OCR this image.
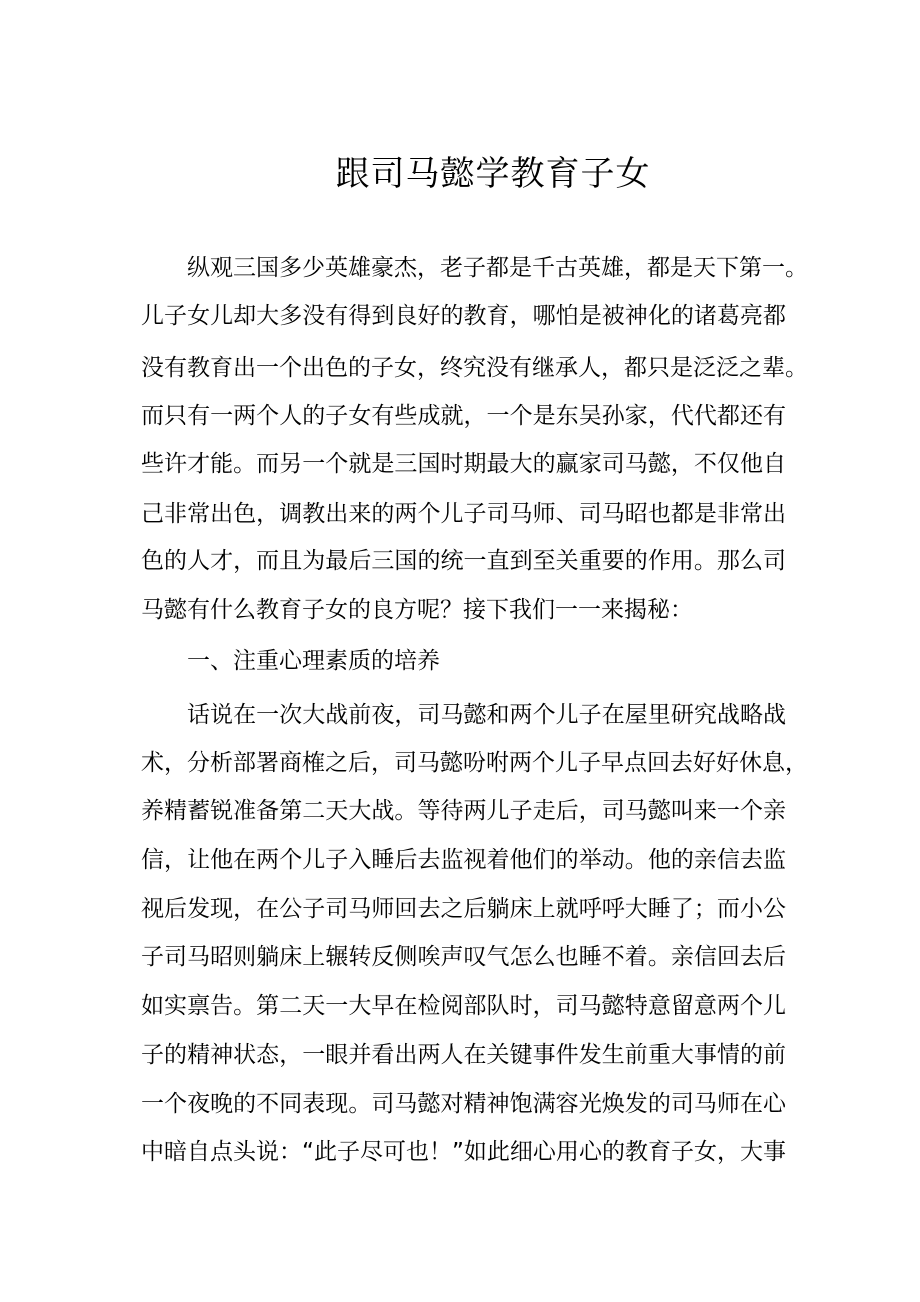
跟司马懿学教育子女
纵观三国多少英雄豪杰，老子都是千古英雄，都是天下第一。
儿子女儿却大多没有得到良好的教育，哪怕是被神化的诸葛亮都
没有教育出一个出色的子女，终究没有继承人，都只是泛泛之辈。
而只有一两个人的子女有些成就，一个是东吴孙家，代代都还有
些许才能。而另一个就是三国时期最大的赢家司马懿，不仅他自
己非常出色，调教出来的两个儿子司马师、司马昭也都是非常出
色的人才，而且为最后三国的统一直到至关重要的作用。那么司
马懿有什么教育子女的良方呢？接下我们一一来揭秘：
一、注重心理素质的培养
话说在一次大战前夜，司马懿和两个儿子在屋里研究战略战
术，分析部署商榷之后，司马懿吩咐两个儿子早点回去好好休息，
养精蓄锐准备第二天大战。等待两儿子走后，司马懿叫来一个亲
信，让他在两个儿子入睡后去监视着他们的举动。他的亲信去监
视后发现，在公子司马师回去之后躺床上就呼呼大睡了；而小公
子司马昭则躺床上辗转反侧唉声叹气怎么也睡不着。亲信回去后
如实禀告。第二天一大早在检阅部队时，司马懿特意留意两个儿
子的精神状态，一眼并看出两人在关键事件发生前重大事情的前
一个夜晚的不同表现。司马懿对精神饱满容光焕发的司马师在心
中暗自点头说：“此子尽可也！”如此细心用心的教育子女，大事
